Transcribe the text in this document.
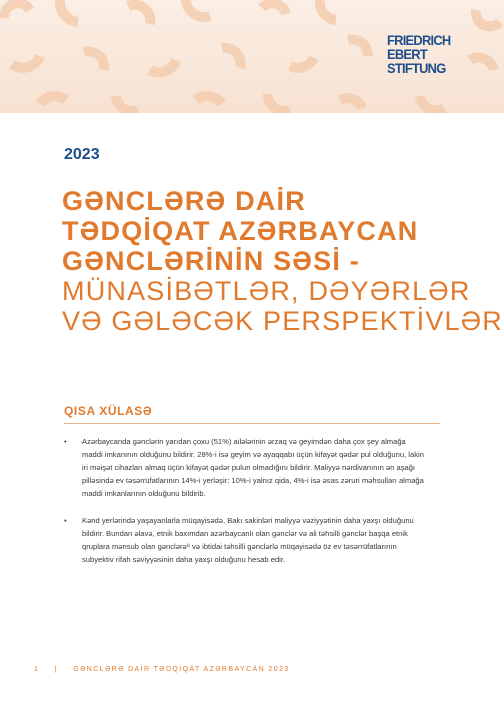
FRIEDRICH
EBERT
STIFTUNG
2023
GƏNCLƏRƏ DAİR
TƏDQİQAT AZƏRBAYCAN
GƏNCLƏRİNİN SƏSİ -
MÜNASİBƏTLƏR, DƏYƏRLƏR
VƏ GƏLƏCƏK PERSPEKTİVLƏR
QISA XÜLASƏ
• Azərbaycanda gənclərin yarıdan çoxu (51%) ailələrinin ərzaq və geyimdən daha çox şey almağa maddi imkanının olduğunu bildirir. 28%-i isə geyim və ayaqqabı üçün kifayət qədər pul olduğunu, lakin iri məişət cihazları almaq üçün kifayət qədər pulun olmadığını bildirir. Maliyyə nərdivanının ən aşağı pilləsində ev təsərrüfatlarının 14%-i yerləşir: 10%-i yalnız qida, 4%-i isə əsas zəruri məhsulları almağa maddi imkanlarının olduğunu bildirib.
• Kənd yerlərində yaşayanlarla müqayisədə, Bakı sakinləri maliyyə vəziyyətinin daha yaxşı olduğunu bildirir. Bundan əlavə, etnik baxımdan azərbaycanlı olan gənclər və ali təhsilli gənclər başqa etnik qruplara mənsub olan gənclərə⁸ və ibtidai təhsilli gənclərlə müqayisədə öz ev təsərrüfatlarının subyektiv rifah səviyyəsinin daha yaxşı olduğunu hesab edir.
1 | GƏNCLƏRƏ DAİR TƏDQİQAT AZƏRBAYCAN 2023
